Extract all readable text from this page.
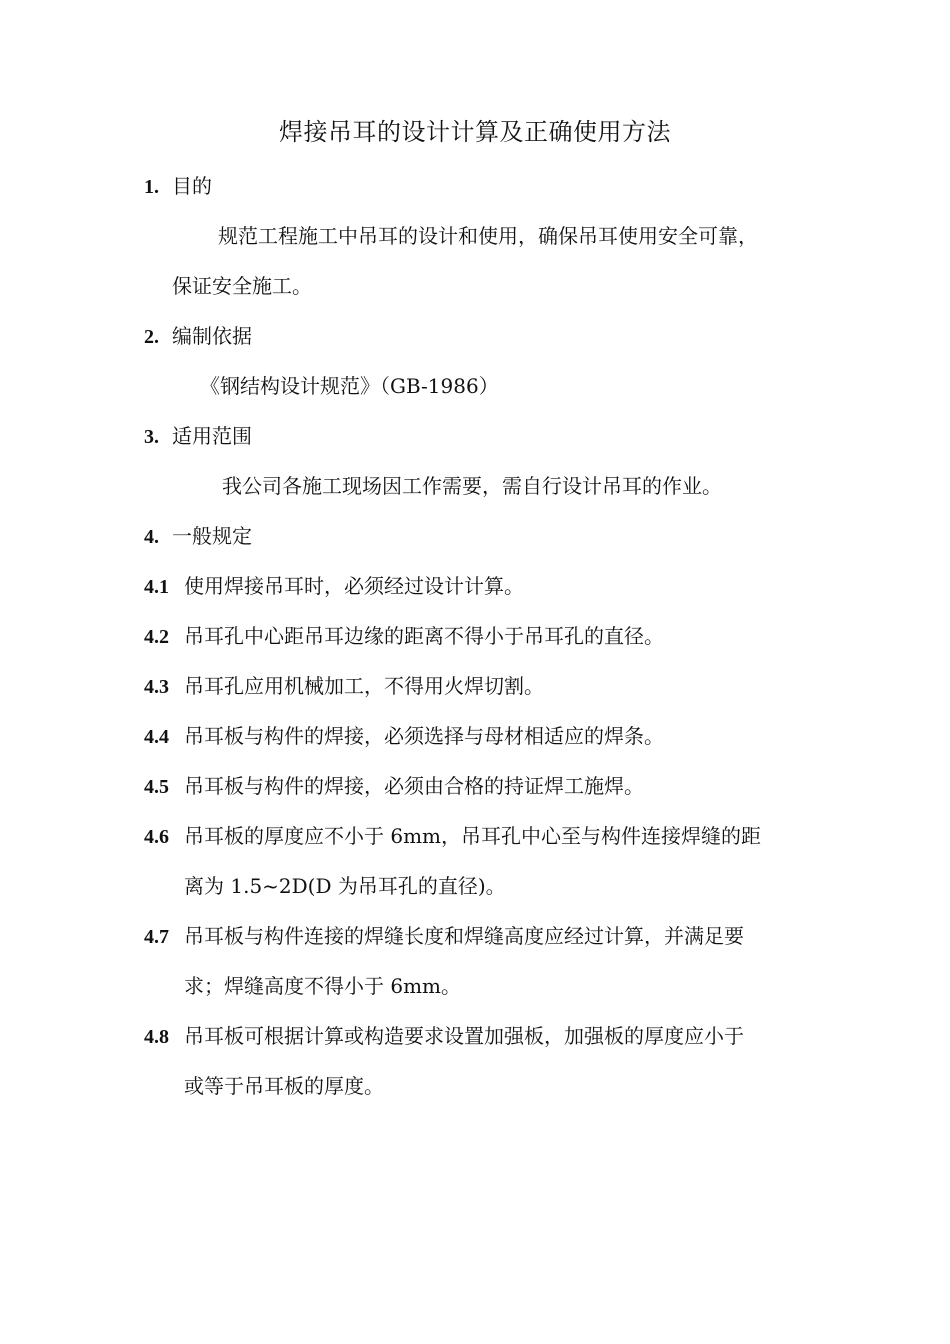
焊接吊耳的设计计算及正确使用方法
1. 目的
规范工程施工中吊耳的设计和使用，确保吊耳使用安全可靠，
保证安全施工。
2. 编制依据
《钢结构设计规范》（GB-1986）
3. 适用范围
我公司各施工现场因工作需要，需自行设计吊耳的作业。
4. 一般规定
4.1 使用焊接吊耳时，必须经过设计计算。
4.2 吊耳孔中心距吊耳边缘的距离不得小于吊耳孔的直径。
4.3 吊耳孔应用机械加工，不得用火焊切割。
4.4 吊耳板与构件的焊接，必须选择与母材相适应的焊条。
4.5 吊耳板与构件的焊接，必须由合格的持证焊工施焊。
4.6 吊耳板的厚度应不小于 6mm，吊耳孔中心至与构件连接焊缝的距
离为 1.5~2D(D 为吊耳孔的直径)。
4.7 吊耳板与构件连接的焊缝长度和焊缝高度应经过计算，并满足要
求；焊缝高度不得小于 6mm。
4.8 吊耳板可根据计算或构造要求设置加强板，加强板的厚度应小于
或等于吊耳板的厚度。
